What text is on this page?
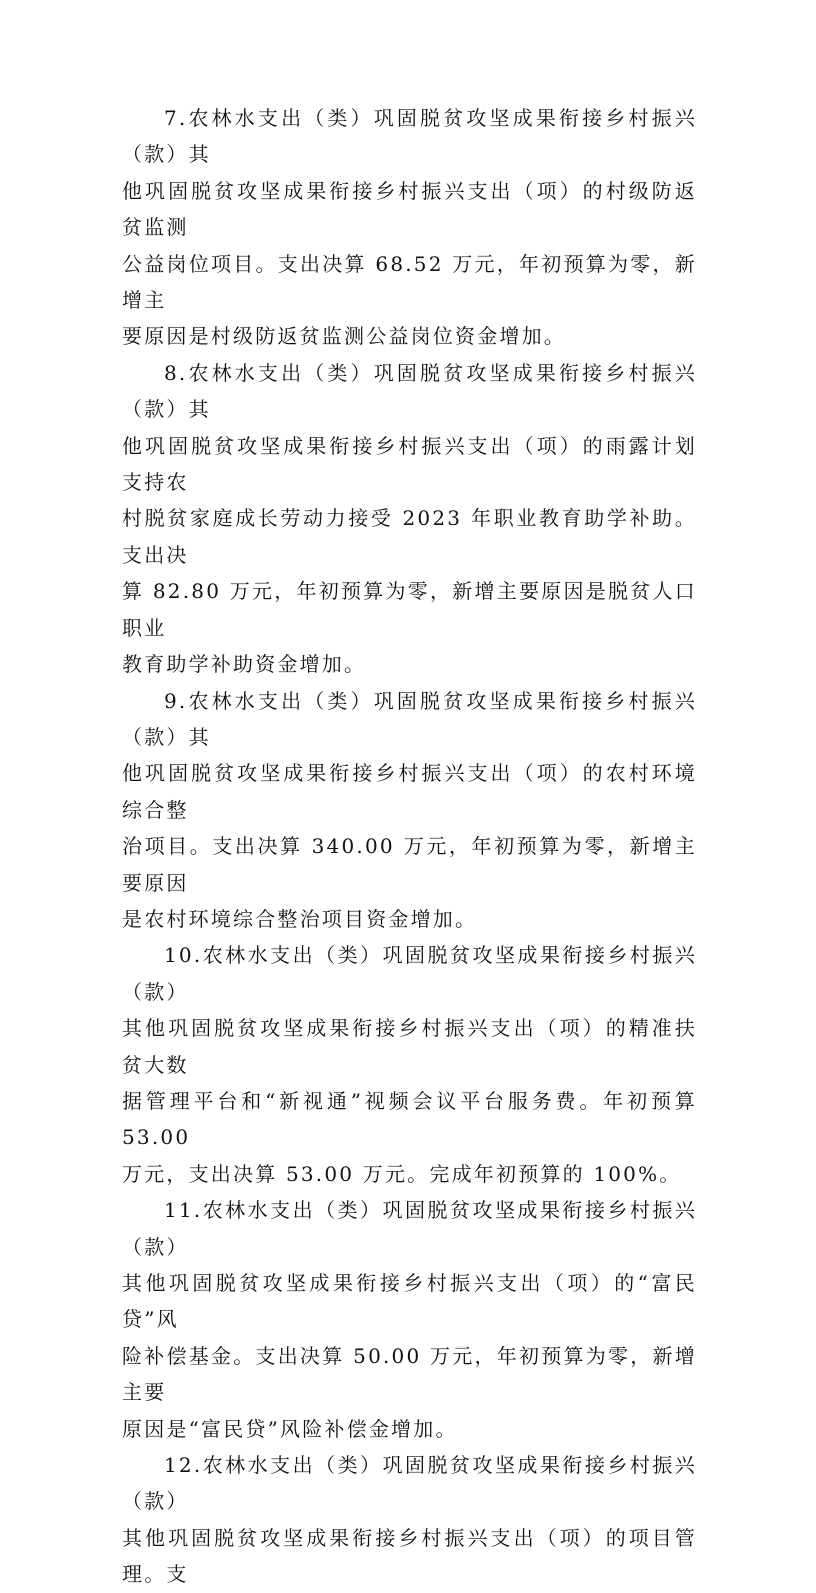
7.农林水支出（类）巩固脱贫攻坚成果衔接乡村振兴（款）其
他巩固脱贫攻坚成果衔接乡村振兴支出（项）的村级防返贫监测
公益岗位项目。支出决算 68.52 万元，年初预算为零，新增主
要原因是村级防返贫监测公益岗位资金增加。

8.农林水支出（类）巩固脱贫攻坚成果衔接乡村振兴（款）其
他巩固脱贫攻坚成果衔接乡村振兴支出（项）的雨露计划支持农
村脱贫家庭成长劳动力接受 2023 年职业教育助学补助。支出决
算 82.80 万元，年初预算为零，新增主要原因是脱贫人口职业
教育助学补助资金增加。

9.农林水支出（类）巩固脱贫攻坚成果衔接乡村振兴（款）其
他巩固脱贫攻坚成果衔接乡村振兴支出（项）的农村环境综合整
治项目。支出决算 340.00 万元，年初预算为零，新增主要原因
是农村环境综合整治项目资金增加。

10.农林水支出（类）巩固脱贫攻坚成果衔接乡村振兴（款）
其他巩固脱贫攻坚成果衔接乡村振兴支出（项）的精准扶贫大数
据管理平台和“新视通”视频会议平台服务费。年初预算 53.00
万元，支出决算 53.00 万元。完成年初预算的 100%。

11.农林水支出（类）巩固脱贫攻坚成果衔接乡村振兴（款）
其他巩固脱贫攻坚成果衔接乡村振兴支出（项）的“富民贷”风
险补偿基金。支出决算 50.00 万元，年初预算为零，新增主要
原因是“富民贷”风险补偿金增加。

12.农林水支出（类）巩固脱贫攻坚成果衔接乡村振兴（款）
其他巩固脱贫攻坚成果衔接乡村振兴支出（项）的项目管理。支
